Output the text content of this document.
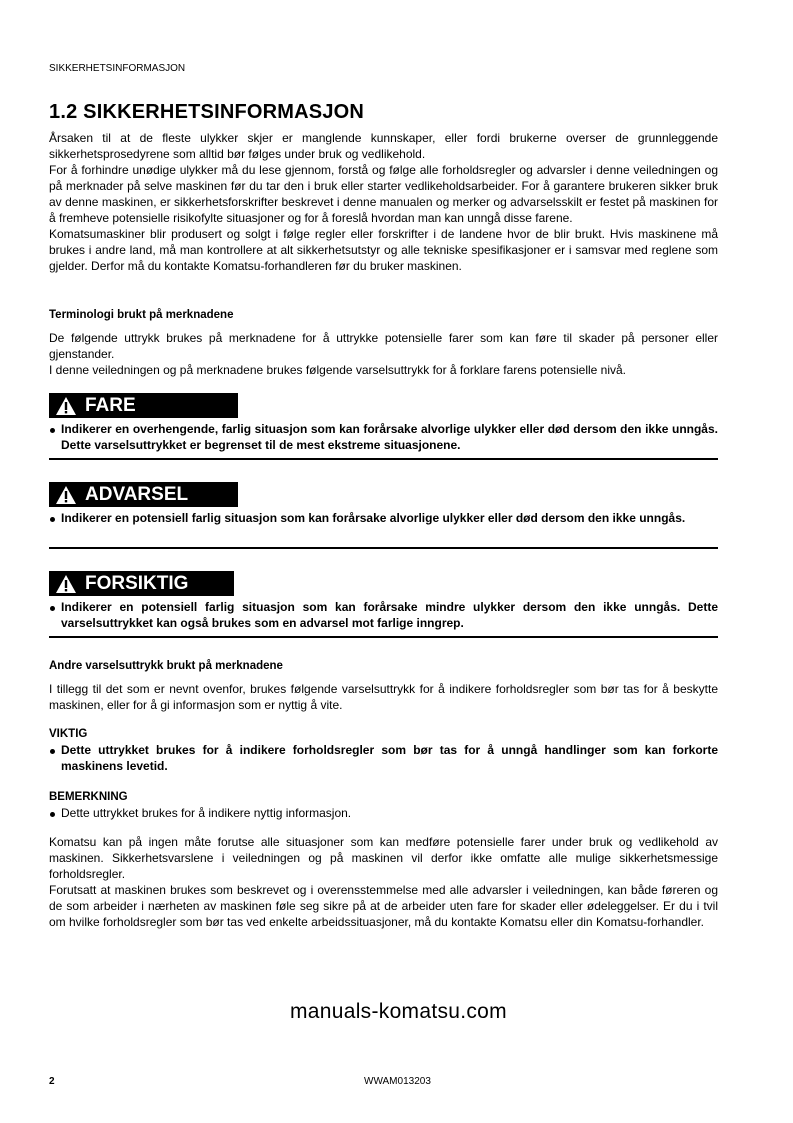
SIKKERHETSINFORMASJON
1.2 SIKKERHETSINFORMASJON

Årsaken til at de fleste ulykker skjer er manglende kunnskaper, eller fordi brukerne overser de grunnleggende sikkerhetsprosedyrene som alltid bør følges under bruk og vedlikehold.

For å forhindre unødige ulykker må du lese gjennom, forstå og følge alle forholdsregler og advarsler i denne veiledningen og på merknader på selve maskinen før du tar den i bruk eller starter vedlikeholdsarbeider. For å garantere brukeren sikker bruk av denne maskinen, er sikkerhetsforskrifter beskrevet i denne manualen og merker og advarselsskilt er festet på maskinen for å fremheve potensielle risikofylte situasjoner og for å foreslå hvordan man kan unngå disse farene.

Komatsumaskiner blir produsert og solgt i følge regler eller forskrifter i de landene hvor de blir brukt. Hvis maskinene må brukes i andre land, må man kontrollere at alt sikkerhetsutstyr og alle tekniske spesifikasjoner er i samsvar med reglene som gjelder. Derfor må du kontakte Komatsu-forhandleren før du bruker maskinen.

Terminologi brukt på merknadene

De følgende uttrykk brukes på merknadene for å uttrykke potensielle farer som kan føre til skader på personer eller gjenstander.

I denne veiledningen og på merknadene brukes følgende varselsuttrykk for å forklare farens potensielle nivå.

manuals-komatsu.com
FARE

Indikerer en overhengende, farlig situasjon som kan forårsake alvorlige ulykker eller død dersom den ikke unngås. Dette varselsuttrykket er begrenset til de mest ekstreme situasjonene.

ADVARSEL

Indikerer en potensiell farlig situasjon som kan forårsake alvorlige ulykker eller død dersom den ikke unngås.

FORSIKTIG

Indikerer en potensiell farlig situasjon som kan forårsake mindre ulykker dersom den ikke unngås. Dette varselsuttrykket kan også brukes som en advarsel mot farlige inngrep.

Andre varselsuttrykk brukt på merknadene

I tillegg til det som er nevnt ovenfor, brukes følgende varselsuttrykk for å indikere forholdsregler som bør tas for å beskytte maskinen, eller for å gi informasjon som er nyttig å vite.

VIKTIG

Dette uttrykket brukes for å indikere forholdsregler som bør tas for å unngå handlinger som kan forkorte maskinens levetid.

BEMERKNING

Dette uttrykket brukes for å indikere nyttig informasjon.

Komatsu kan på ingen måte forutse alle situasjoner som kan medføre potensielle farer under bruk og vedlikehold av maskinen. Sikkerhetsvarslene i veiledningen og på maskinen vil derfor ikke omfatte alle mulige sikkerhetsmessige forholdsregler.

Forutsatt at maskinen brukes som beskrevet og i overensstemmelse med alle advarsler i veiledningen, kan både føreren og de som arbeider i nærheten av maskinen føle seg sikre på at de arbeider uten fare for skader eller ødeleggelser. Er du i tvil om hvilke forholdsregler som bør tas ved enkelte arbeidssituasjoner, må du kontakte Komatsu eller din Komatsu-forhandler.

2	WWAM013203
